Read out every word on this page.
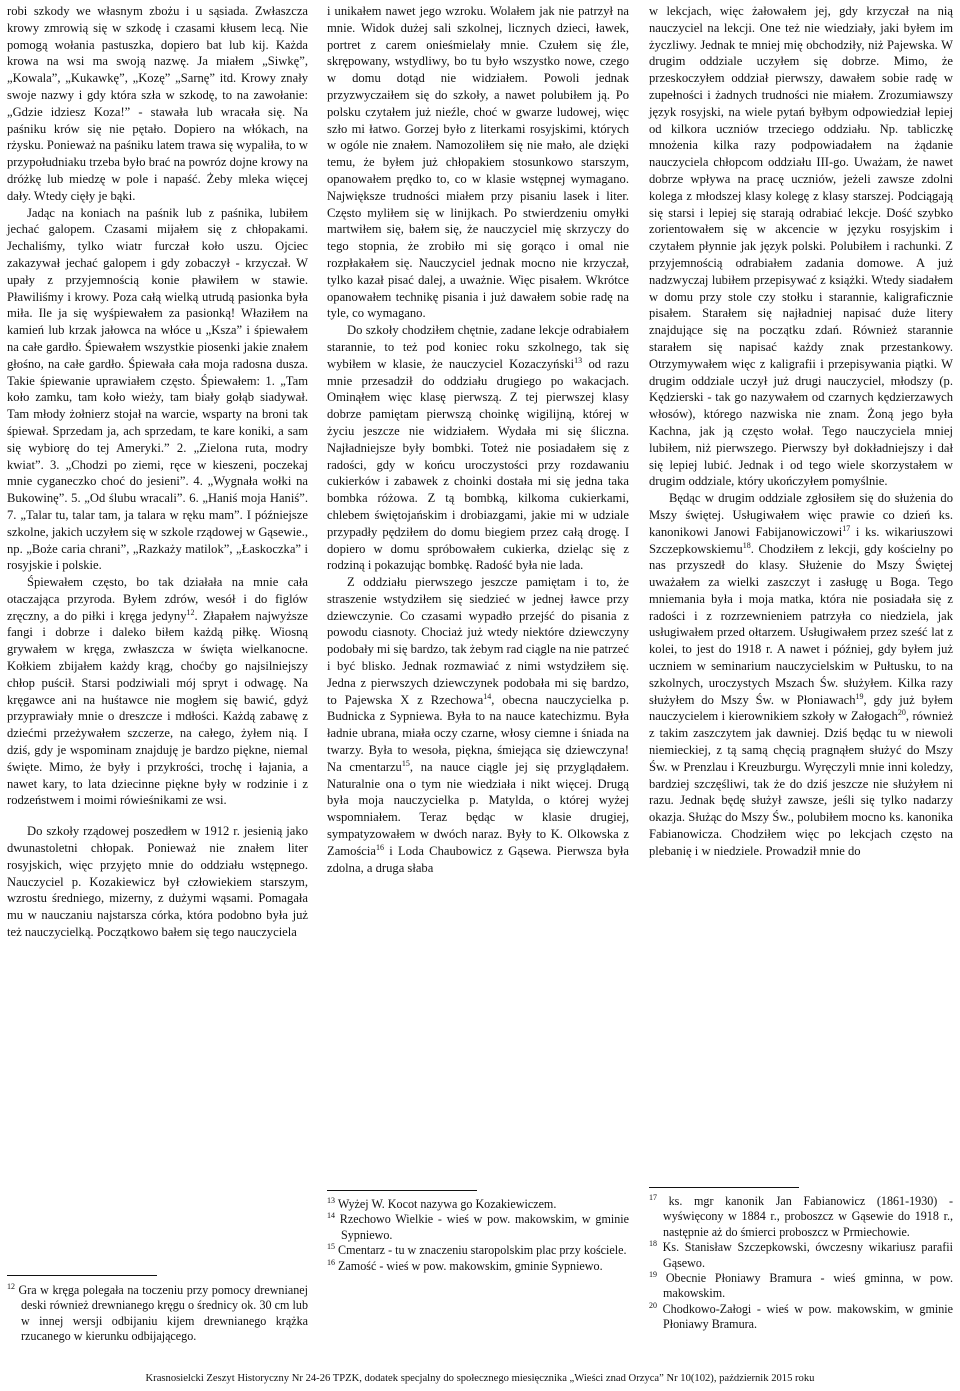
robi szkody we własnym zbożu i u sąsiada. Zwłaszcza krowy zmrowią się w szkodę i czasami kłusem lecą. Nie pomogą wołania pastuszka, dopiero bat lub kij. Każda krowa na wsi ma swoją nazwę. Ja miałem „Siwkę”, „Kowala”, „Kukawkę”, „Kozę” „Sarnę” itd. Krowy znały swoje nazwy i gdy która szła w szkodę, to na zawołanie: „Gdzie idziesz Koza!” - stawała lub wracała się. Na paśniku krów się nie pętało. Dopiero na włókach, na rżysku. Ponieważ na paśniku latem trawa się wypaliła, to w przypołudniaku trzeba było brać na powróz dojne krowy na dróżkę lub miedzę w pole i napaść. Żeby mleka więcej dały. Wtedy cięły je bąki.

Jadąc na koniach na paśnik lub z paśnika, lubiłem jechać galopem. Czasami mijałem się z chłopakami. Jechaliśmy, tylko wiatr furczał koło uszu. Ojciec zakazywał jechać galopem i gdy zobaczył - krzyczał. W upały z przyjemnością konie pławiłem w stawie. Pławiliśmy i krowy. Poza całą wielką utrudą pasionka była miła. Ile ja się wyśpiewałem za pasionką! Właziłem na kamień lub krzak jałowca na włóce u „Ksza” i śpiewałem na całe gardło. Śpiewałem wszystkie piosenki jakie znałem głośno, na całe gardło. Śpiewała cała moja radosna dusza. Takie śpiewanie uprawiałem często. Śpiewałem: 1. „Tam koło zamku, tam koło wieży, tam biały gołąb siadywał. Tam młody żołnierz stojał na warcie, wsparty na broni tak śpiewał. Sprzedam ja, ach sprzedam, te kare koniki, a sam się wybiorę do tej Ameryki.” 2. „Zielona ruta, modry kwiat”. 3. „Chodzi po ziemi, ręce w kieszeni, poczekaj mnie cyganeczko choć do jesieni”. 4. „Wygnała wołki na Bukowinę”. 5. „Od ślubu wracali”. 6. „Haniś moja Haniś”. 7. „Talar tu, talar tam, ja talara w ręku mam”. I późniejsze szkolne, jakich uczyłem się w szkole rządowej w Gąsewie., np. „Boże caria chrani”, „Razkaży matilok”, „Łaskoczka” i rosyjskie i polskie.

Śpiewałem często, bo tak działała na mnie cała otaczająca przyroda. Byłem zdrów, wesół i do figlów zręczny, a do piłki i kręga jedyny$^{12}$. Złapałem najwyższe fangi i dobrze i daleko biłem każdą piłkę. Wiosną grywałem w kręga, zwłaszcza w święta wielkanocne. Kołkiem zbijałem każdy krąg, choćby go najsilniejszy chłop puścił. Starsi podziwiali mój spryt i odwagę. Na kręgawce ani na huśtawce nie mogłem się bawić, gdyż przyprawiały mnie o dreszcze i mdłości. Każdą zabawę z dziećmi przeżywałem szczerze, na całego, żyłem nią. I dziś, gdy je wspominam znajduję je bardzo piękne, niemal święte. Mimo, że były i przykrości, trochę i łajania, a nawet kary, to lata dziecinne piękne były w rodzinie i z rodzeństwem i moimi rówieśnikami ze wsi.

Do szkoły rządowej poszedłem w 1912 r. jesienią jako dwunastoletni chłopak. Ponieważ nie znałem liter rosyjskich, więc przyjęto mnie do oddziału wstępnego. Nauczyciel p. Kozakiewicz był człowiekiem starszym, wzrostu średniego, mizerny, z dużymi wąsami. Pomagała mu w nauczaniu najstarsza córka, która podobno była już też nauczycielką. Początkowo bałem się tego nauczyciela

i unikałem nawet jego wzroku. Wolałem jak nie patrzył na mnie. Widok dużej sali szkolnej, licznych dzieci, ławek, portret z carem onieśmielały mnie. Czułem się źle, skrępowany, wstydliwy, bo tu było wszystko nowe, czego w domu dotąd nie widziałem. Powoli jednak przyzwyczaiłem się do szkoły, a nawet polubiłem ją. Po polsku czytałem już nieźle, choć w gwarze ludowej, więc szło mi łatwo. Gorzej było z literkami rosyjskimi, których w ogóle nie znałem. Namozoliłem się nie mało, ale dzięki temu, że byłem już chłopakiem stosunkowo starszym, opanowałem prędko to, co w klasie wstępnej wymagano. Największe trudności miałem przy pisaniu lasek i liter. Często myliłem się w linijkach. Po stwierdzeniu omyłki martwiłem się, bałem się, że nauczyciel mię skrzyczy do tego stopnia, że zrobiło mi się gorąco i omal nie rozpłakałem się. Nauczyciel jednak mocno nie krzyczał, tylko kazał pisać dalej, a uważnie. Więc pisałem. Wkrótce opanowałem technikę pisania i już dawałem sobie radę na tyle, co wymagano.

Do szkoły chodziłem chętnie, zadane lekcje odrabiałem starannie, to też pod koniec roku szkolnego, tak się wybiłem w klasie, że nauczyciel Kozaczyński$^{13}$ od razu mnie przesadził do oddziału drugiego po wakacjach. Ominąłem więc klasę pierwszą. Z tej pierwszej klasy dobrze pamiętam pierwszą choinkę wigilijną, której w życiu jeszcze nie widziałem. Wydała mi się śliczna. Najładniejsze były bombki. Toteż nie posiadałem się z radości, gdy w końcu uroczystości przy rozdawaniu cukierków i zabawek z choinki dostała mi się jedna taka bombka różowa. Z tą bombką, kilkoma cukierkami, chlebem świętojańskim i drobiazgami, jakie mi w udziale przypadły pędziłem do domu biegiem przez całą drogę. I dopiero w domu spróbowałem cukierka, dzieląc się z rodziną i pokazując bombkę. Radość była nie lada.

Z oddziału pierwszego jeszcze pamiętam i to, że straszenie wstydziłem się siedzieć w jednej ławce przy dziewczynie. Co czasami wypadło przejść do pisania z powodu ciasnoty. Chociaż już wtedy niektóre dziewczyny podobały mi się bardzo, tak żebym rad ciągle na nie patrzeć i być blisko. Jednak rozmawiać z nimi wstydziłem się. Jedna z pierwszych dziewczynek podobała mi się bardzo, to Pajewska X z Rzechowa$^{14}$, obecna nauczycielka p. Budnicka z Sypniewa. Była to na nauce katechizmu. Była ładnie ubrana, miała oczy czarne, włosy ciemne i śniada na twarzy. Była to wesoła, piękna, śmiejąca się dziewczyna! Na cmentarzu$^{15}$, na nauce ciągle jej się przyglądałem. Naturalnie ona o tym nie wiedziała i nikt więcej. Drugą była moja nauczycielka p. Matylda, o której wyżej wspomniałem. Teraz będąc w klasie drugiej, sympatyzowałem w dwóch naraz. Były to K. Olkowska z Zamościa$^{16}$ i Loda Chaubowicz z Gąsewa. Pierwsza była zdolna, a druga słaba

w lekcjach, więc żałowałem jej, gdy krzyczał na nią nauczyciel na lekcji. One też nie wiedziały, jaki byłem im życzliwy. Jednak te mniej mię obchodziły, niż Pajewska. W drugim oddziale uczyłem się dobrze. Mimo, że przeskoczyłem oddział pierwszy, dawałem sobie radę w zupełności i żadnych trudności nie miałem. Zrozumiawszy język rosyjski, na wiele pytań byłbym odpowiedział lepiej od kilkora uczniów trzeciego oddziału. Np. tabliczkę mnożenia kilka razy podpowiadałem na żądanie nauczyciela chłopcom oddziału III-go. Uważam, że nawet dobrze wpływa na pracę uczniów, jeżeli zawsze zdolni kolega z młodszej klasy kolegę z klasy starszej. Podciągają się starsi i lepiej się starają odrabiać lekcje. Dość szybko zorientowałem się w akcencie w języku rosyjskim i czytałem płynnie jak język polski. Polubiłem i rachunki. Z przyjemnością odrabiałem zadania domowe. A już nadzwyczaj lubiłem przepisywać z książki. Wtedy siadałem w domu przy stole czy stołku i starannie, kaligraficznie pisałem. Starałem się najładniej napisać duże litery znajdujące się na początku zdań. Również starannie starałem się napisać każdy znak przestankowy. Otrzymywałem więc z kaligrafii i przepisywania piątki. W drugim oddziale uczył już drugi nauczyciel, młodszy (p. Kędzierski - tak go nazywałem od czarnych kędzierzawych włosów), którego nazwiska nie znam. Żoną jego była Kachna, jak ją często wołał. Tego nauczyciela mniej lubiłem, niż pierwszego. Pierwszy był dokładniejszy i dał się lepiej lubić. Jednak i od tego wiele skorzystałem w drugim oddziale, który ukończyłem pomyślnie.

Będąc w drugim oddziale zgłosiłem się do służenia do Mszy świętej. Usługiwałem więc prawie co dzień ks. kanonikowi Janowi Fabijanowiczowi$^{17}$ i ks. wikariuszowi Szczepkowskiemu$^{18}$. Chodziłem z lekcji, gdy kościelny po nas przyszedł do klasy. Służenie do Mszy Świętej uważałem za wielki zaszczyt i zasługę u Boga. Tego mniemania była i moja matka, która nie posiadała się z radości i z rozrzewnieniem patrzyła co niedziela, jak usługiwałem przed ołtarzem. Usługiwałem przez sześć lat z kolei, to jest do 1918 r. A nawet i później, gdy byłem już uczniem w seminarium nauczycielskim w Pułtusku, to na szkolnych, uroczystych Mszach Św. służyłem. Kilka razy służyłem do Mszy Św. w Płoniawach$^{19}$, gdy już byłem nauczycielem i kierownikiem szkoły w Załogach$^{20}$, również z takim zaszczytem jak dawniej. Dziś będąc tu w niewoli niemieckiej, z tą samą chęcią pragnąłem służyć do Mszy Św. w Prenzlau i Kreuzburgu. Wyręczyli mnie inni koledzy, bardziej szczęśliwi, tak że do dziś jeszcze nie służyłem ni razu. Jednak będę służył zawsze, jeśli się tylko nadarzy okazja. Służąc do Mszy Św., polubiłem mocno ks. kanonika Fabianowicza. Chodziłem więc po lekcjach często na plebanię i w niedziele. Prowadził mnie do

$^{12}$ Gra w kręga polegała na toczeniu przy pomocy drewnianej deski również drewnianego kręgu o średnicy ok. 30 cm lub w innej wersji odbijaniu kijem drewnianego krążka rzucanego w kierunku odbijającego.

$^{13}$ Wyżej W. Kocot nazywa go Kozakiewiczem.

$^{14}$ Rzechowo Wielkie - wieś w pow. makowskim, w gminie Sypniewo.

$^{15}$ Cmentarz - tu w znaczeniu staropolskim plac przy kościele.

$^{16}$ Zamość - wieś w pow. makowskim, gminie Sypniewo.

$^{17}$ ks. mgr kanonik Jan Fabianowicz (1861-1930) - wyświęcony w 1884 r., proboszcz w Gąsewie do 1918 r., następnie aż do śmierci proboszcz w Prmiechowie.

$^{18}$ Ks. Stanisław Szczepkowski, ówczesny wikariusz parafii Gąsewo.

$^{19}$ Obecnie Płoniawy Bramura - wieś gminna, w pow. makowskim.

$^{20}$ Chodkowo-Załogi - wieś w pow. makowskim, w gminie Płoniawy Bramura.

Krasnosielcki Zeszyt Historyczny Nr 24-26 TPZK, dodatek specjalny do społecznego miesięcznika „Wieści znad Orzyca” Nr 10(102), październik 2015 roku
